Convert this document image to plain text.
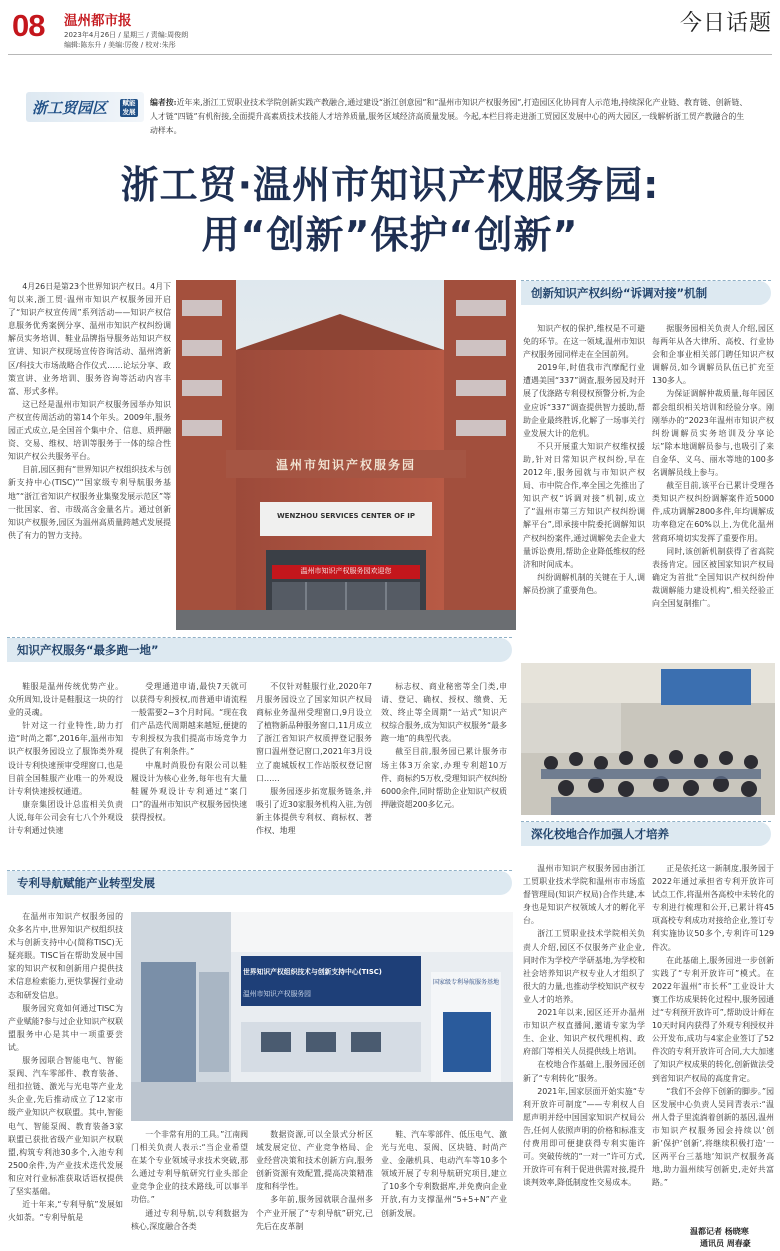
08 温州都市报
2023年4月26日 / 星期三 / 责编:周俊朗
编辑:陈东升 / 美编:厉俊 / 校对:朱彤
今日话题
浙工贸园区	赋能发展
编者按:近年来,浙江工贸职业技术学院创新实践产教融合,通过建设“浙江创意园”和“温州市知识产权服务园”,打造园区化协同育人示范地,持续深化产业链、教育链、创新链、人才链“四链”有机衔接,全面提升高素质技术技能人才培养质量,服务区域经济高质量发展。今起,本栏目将走进浙工贸园区发展中心的两大园区,一线解析浙工贸产教融合的生动样本。
浙工贸·温州市知识产权服务园:
用“创新”保护“创新”

4月26日是第23个世界知识产权日。4月下旬以来,浙工贸·温州市知识产权服务园开启了“知识产权宣传周”系列活动——知识产权信息服务优秀案例分享、温州市知识产权纠纷调解员实务培训、鞋业品牌指导服务站知识产权宣讲、知识产权现场宣传咨询活动、温州湾新区/科技大市场战略合作仪式……论坛分享、政策宣讲、业务培训、服务咨询等活动内容丰富、形式多样。

这已经是温州市知识产权服务园举办知识产权宣传周活动的第14个年头。2009年,服务园正式成立,是全国首个集中介、信息、质押融资、交易、维权、培训等服务于一体的综合性知识产权公共服务平台。

目前,园区拥有“世界知识产权组织技术与创新支持中心(TISC)”“国家级专利导航服务基地”“浙江省知识产权服务业集聚发展示范区”等一批国家、省、市级高含金量名片。通过创新知识产权服务,园区为温州高质量跨越式发展提供了有力的智力支持。

温州市知识产权服务园
WENZHOU SERVICES CENTER OF IP
温州市知识产权服务园欢迎您
创新知识产权纠纷“诉调对接”机制

知识产权的保护,维权是不可避免的环节。在这一领域,温州市知识产权服务园同样走在全国前列。

2019年,时值我市汽摩配行业遭遇美国“337”调查,服务园及时开展了伐涤路专利侵权预警分析,为企业应诉“337”调查提供智力援助,帮助企业最终胜诉,化解了一场事关行业发展大计的危机。

不只开展重大知识产权维权援助,针对日常知识产权纠纷,早在2012年,服务园就与市知识产权局、市中院合作,率全国之先推出了知识产权“诉调对接”机制,成立了“温州市第三方知识产权纠纷调解平台”,即承接中院委托调解知识产权纠纷案件,通过调解免去企业大量诉讼费用,帮助企业降低维权的经济和时间成本。

纠纷调解机制的关键在于人,调解员扮演了重要角色。

据服务园相关负责人介绍,园区每两年从各大律所、高校、行业协会和企事业相关部门聘任知识产权调解员,如今调解员队伍已扩充至130多人。

为保证调解仲裁质量,每年园区都会组织相关培训和经验分享。刚刚举办的“2023年温州市知识产权纠纷调解员实务培训及分享论坛”除本地调解员参与,也吸引了来自金华、义乌、丽水等地的100多名调解员线上参与。

截至目前,该平台已累计受理各类知识产权纠纷调解案件近5000件,成功调解2800多件,年均调解成功率稳定在60%以上,为优化温州营商环境切实发挥了重要作用。

同时,该创新机制获得了省高院表扬肯定。园区被国家知识产权局确定为首批“全国知识产权纠纷仲裁调解能力建设机构”,相关经验正向全国复制推广。

知识产权服务“最多跑一地”

鞋服是温州传统优势产业。众所周知,设计是鞋服这一块的行业的灵魂。

针对这一行业特性,助力打造“时尚之都”,2016年,温州市知识产权服务园设立了服饰类外观设计专利快速预审受理窗口,也是目前全国鞋服产业唯一的外观设计专利快速授权通道。

康奈集团设计总监相关负责人说,每年公司会有七八个外观设计专利通过快速

受理通道申请,最快7天就可以获得专利授权,而普通申请流程一般需要2~3个月时间。“现在我们产品迭代周期越来越短,便捷的专利授权为我们提高市场竞争力提供了有利条件。”

中胤时尚股份有限公司以鞋履设计为核心业务,每年也有大量鞋履外观设计专利通过“案门口”的温州市知识产权服务园快速获得授权。

不仅针对鞋服行业,2020年7月服务园设立了国家知识产权局商标业务温州受理窗口,9月设立了植物新品种服务窗口,11月成立了浙江省知识产权质押登记服务窗口温州登记窗口,2021年3月设立了鹿城版权工作站版权登记窗口……

服务园逐步拓宽服务链条,并吸引了近30家服务机构入驻,为创新主体提供专利权、商标权、著作权、地理

标志权、商业秘密等全门类,申请、登记、确权、授权、缴费、无效、终止等全周期“一站式”知识产权综合服务,成为知识产权服务“最多跑一地”的典型代表。

截至目前,服务园已累计服务市场主体3万余家,办理专利超10万件、商标约5万枚,受理知识产权纠纷6000余件,同时帮助企业知识产权质押融资超200多亿元。

专利导航赋能产业转型发展

在温州市知识产权服务园的众多名片中,世界知识产权组织技术与创新支持中心(简称TISC)无疑亮眼。TISC旨在帮助发展中国家的知识产权和创新用户提供技术信息检索能力,更快掌握行业动态和研发信息。

服务园究竟如何通过TISC为产业赋能?参与过企业知识产权联盟服务中心是其中一项重要尝试。

服务园联合智能电气、智能泵阀、汽车零部件、教育装备、纽扣拉链、激光与光电等产业龙头企业,先后推动成立了12家市级产业知识产权联盟。其中,智能电气、智能泵阀、教育装备3家联盟已获批省级产业知识产权联盟,构筑专利池30多个,入池专利2500余件,为产业技术迭代发展和应对行业标准获取话语权提供了坚实基础。

近十年来,“专利导航”发展如火如荼。“专利导航是

世界知识产权组织技术与创新支持中心(TISC)
温州市知识产权服务园
国家级专利导航服务基地

一个非常有用的工具。”江南阀门相关负责人表示:“当企业希望在某个专业领域寻求技术突破,那么通过专利导航研究行业头部企业竞争企业的技术路线,可以事半功倍。”

通过专利导航,以专利数据为核心,深度融合各类

数据资源,可以全景式分析区域发展定位、产业竞争格局、企业经营决策和技术创新方向,服务创新资源有效配置,提高决策精准度和科学性。

多年前,服务园就联合温州多个产业开展了“专利导航”研究,已先后在皮革制

鞋、汽车零部件、低压电气、激光与光电、泵阀、区块链、时尚产业、金融机具、电动汽车等10多个领域开展了专利导航研究项目,建立了10多个专利数据库,并免费向企业开放,有力支撑温州“5+5+N”产业创新发展。

深化校地合作加强人才培养

温州市知识产权服务园由浙江工贸职业技术学院和温州市市场监督管理局(知识产权局)合作共建,本身也是知识产权领域人才的孵化平台。

浙江工贸职业技术学院相关负责人介绍,园区不仅服务产业企业,同时作为学校产学研基地,为学校和社会培养知识产权专业人才组织了很大的力量,也推动学校知识产权专业人才的培养。

2021年以来,园区还开办温州市知识产权直播间,邀请专家为学生、企业、知识产权代理机构、政府部门等相关人员提供线上培训。

在校地合作基础上,服务园还创新了“专利转化”服务。

2021年,国家层面开始实施“专利开放许可制度”——专利权人自愿声明并经中国国家知识产权局公告,任何人依照声明的价格和标准支付费用即可便捷获得专利实施许可。突破传统的“一对一”许可方式,开放许可有利于促进供需对接,提升谈判效率,降低制度性交易成本。

正是依托这一新制度,服务园于2022年通过承担省专利开放许可试点工作,将温州各高校中未转化的专利进行梳理和公开,已累计将45项高校专利成功对接给企业,签订专利实施协议50多个,专利许可129件次。

在此基础上,服务园进一步创新实践了“专利开放许可”模式。在2022年温州“市长杯”工业设计大赛工作坊成果转化过程中,服务园通过“专利预开放许可”,帮助设计师在10天时间内获得了外观专利授权并公开发布,成功与4家企业签订了52件次的专利开放许可合同,大大加速了知识产权成果的转化,创新做法受到省知识产权局的高度肯定。

“我们不会停下创新的脚步。”园区发展中心负责人吴同青表示:“温州人骨子里流淌着创新的基因,温州市知识产权服务园会持续以‘创新’保护‘创新’,将继续积极打造‘一区两平台三基地’知识产权服务高地,助力温州续写创新史,走好共富路。”

温都记者 杨晓寒
通讯员 周春豪
